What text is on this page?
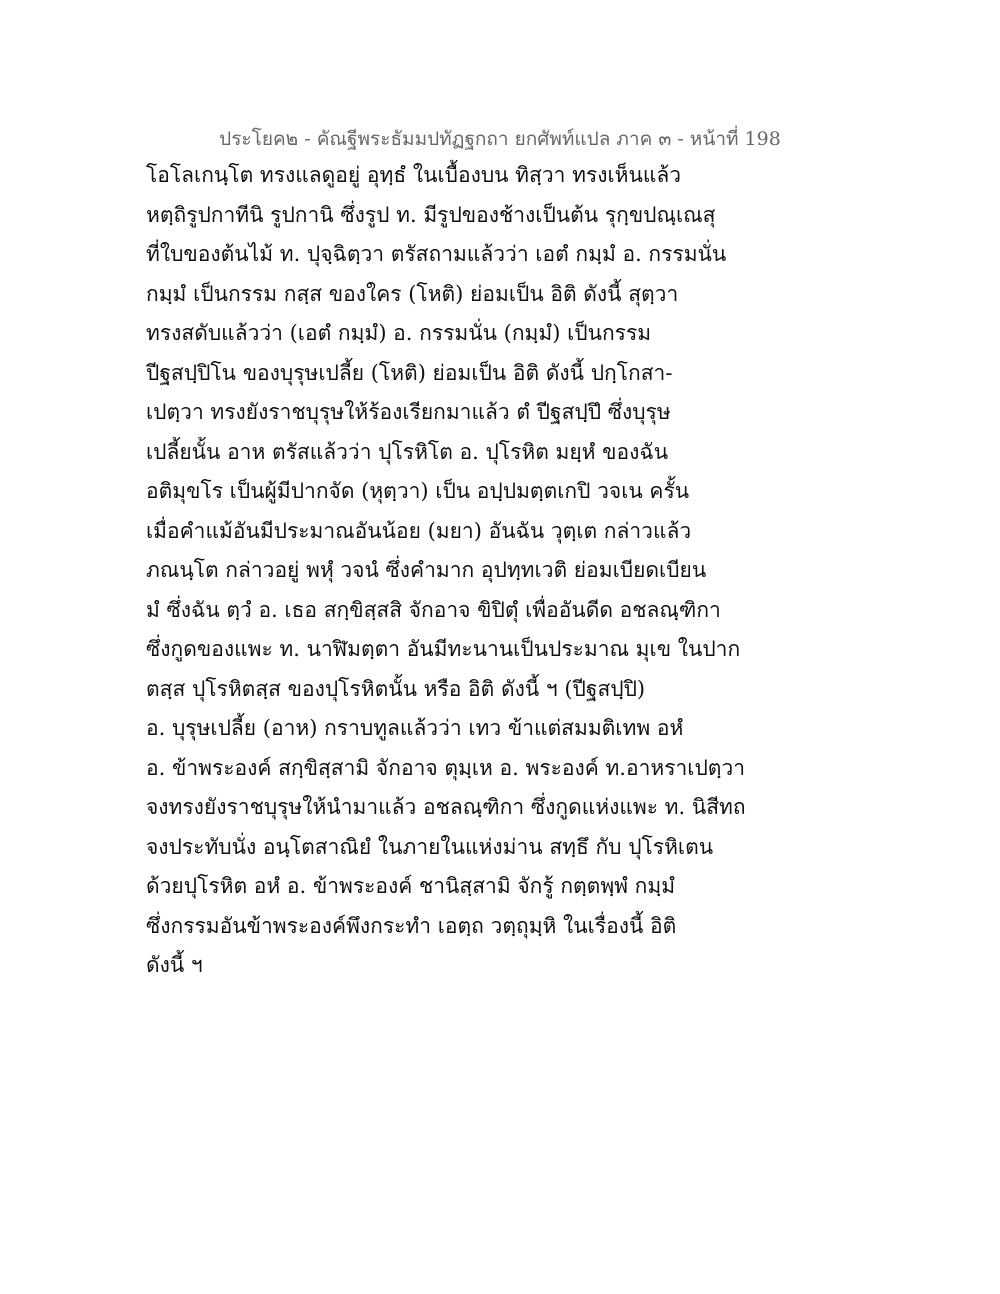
ประโยค๒ - คัณฐีพระธัมมปทัฏฐกถา ยกศัพท์แปล ภาค ๓ - หน้าที่ 198
โอโลเกนฺโต ทรงแลดูอยู่ อุทฺธํ ในเบื้องบน ทิสฺวา ทรงเห็นแล้ว
หตฺถิรูปกาทีนิ รูปกานิ ซึ่งรูป ท. มีรูปของช้างเป็นต้น รุกฺขปณฺเณสุ
ที่ใบของต้นไม้ ท. ปุจฺฉิตฺวา ตรัสถามแล้วว่า เอตํ กมฺมํ อ. กรรมนั่น
กมฺมํ เป็นกรรม กสฺส ของใคร (โหติ) ย่อมเป็น อิติ ดังนี้ สุตฺวา
ทรงสดับแล้วว่า (เอตํ กมฺมํ) อ. กรรมนั่น (กมฺมํ) เป็นกรรม
ปีฐสปฺปิโน ของบุรุษเปลี้ย (โหติ) ย่อมเป็น อิติ ดังนี้ ปกฺโกสา-
เปตฺวา ทรงยังราชบุรุษให้ร้องเรียกมาแล้ว ตํ ปีฐสปฺปึ ซึ่งบุรุษ
เปลี้ยนั้น อาห ตรัสแล้วว่า ปุโรหิโต อ. ปุโรหิต มยฺหํ ของฉัน
อติมุขโร เป็นผู้มีปากจัด (หุตฺวา) เป็น อปฺปมตฺตเกปิ วจเน ครั้น
เมื่อคำแม้อันมีประมาณอันน้อย (มยา) อันฉัน วุตฺเต กล่าวแล้ว
ภณนฺโต กล่าวอยู่ พหุํ วจนํ ซึ่งคำมาก อุปทฺทเวติ ย่อมเบียดเบียน
มํ ซึ่งฉัน ตฺวํ อ. เธอ สกฺขิสฺสสิ จักอาจ ขิปิตุํ เพื่ออันดีด อชลณฺฑิกา
ซึ่งกูดของแพะ ท. นาฬิมตฺตา อันมีทะนานเป็นประมาณ มุเข ในปาก
ตสฺส ปุโรหิตสฺส ของปุโรหิตนั้น หรือ อิติ ดังนี้ ฯ (ปีฐสปฺปิ)
อ. บุรุษเปลี้ย (อาห) กราบทูลแล้วว่า เทว ข้าแต่สมมติเทพ อหํ
อ. ข้าพระองค์ สกฺขิสฺสามิ จักอาจ ตุมฺเห อ. พระองค์ ท.อาหราเปตฺวา
จงทรงยังราชบุรุษให้นำมาแล้ว อชลณฺฑิกา ซึ่งกูดแห่งแพะ ท. นิสีทถ
จงประทับนั่ง อนฺโตสาณิยํ ในภายในแห่งม่าน สทฺธึ กับ ปุโรหิเตน
ด้วยปุโรหิต อหํ อ. ข้าพระองค์ ชานิสฺสามิ จักรู้ กตฺตพฺพํ กมฺมํ
ซึ่งกรรมอันข้าพระองค์พึงกระทำ เอตฺถ วตฺถุมฺหิ ในเรื่องนี้ อิติ
ดังนี้ ฯ
